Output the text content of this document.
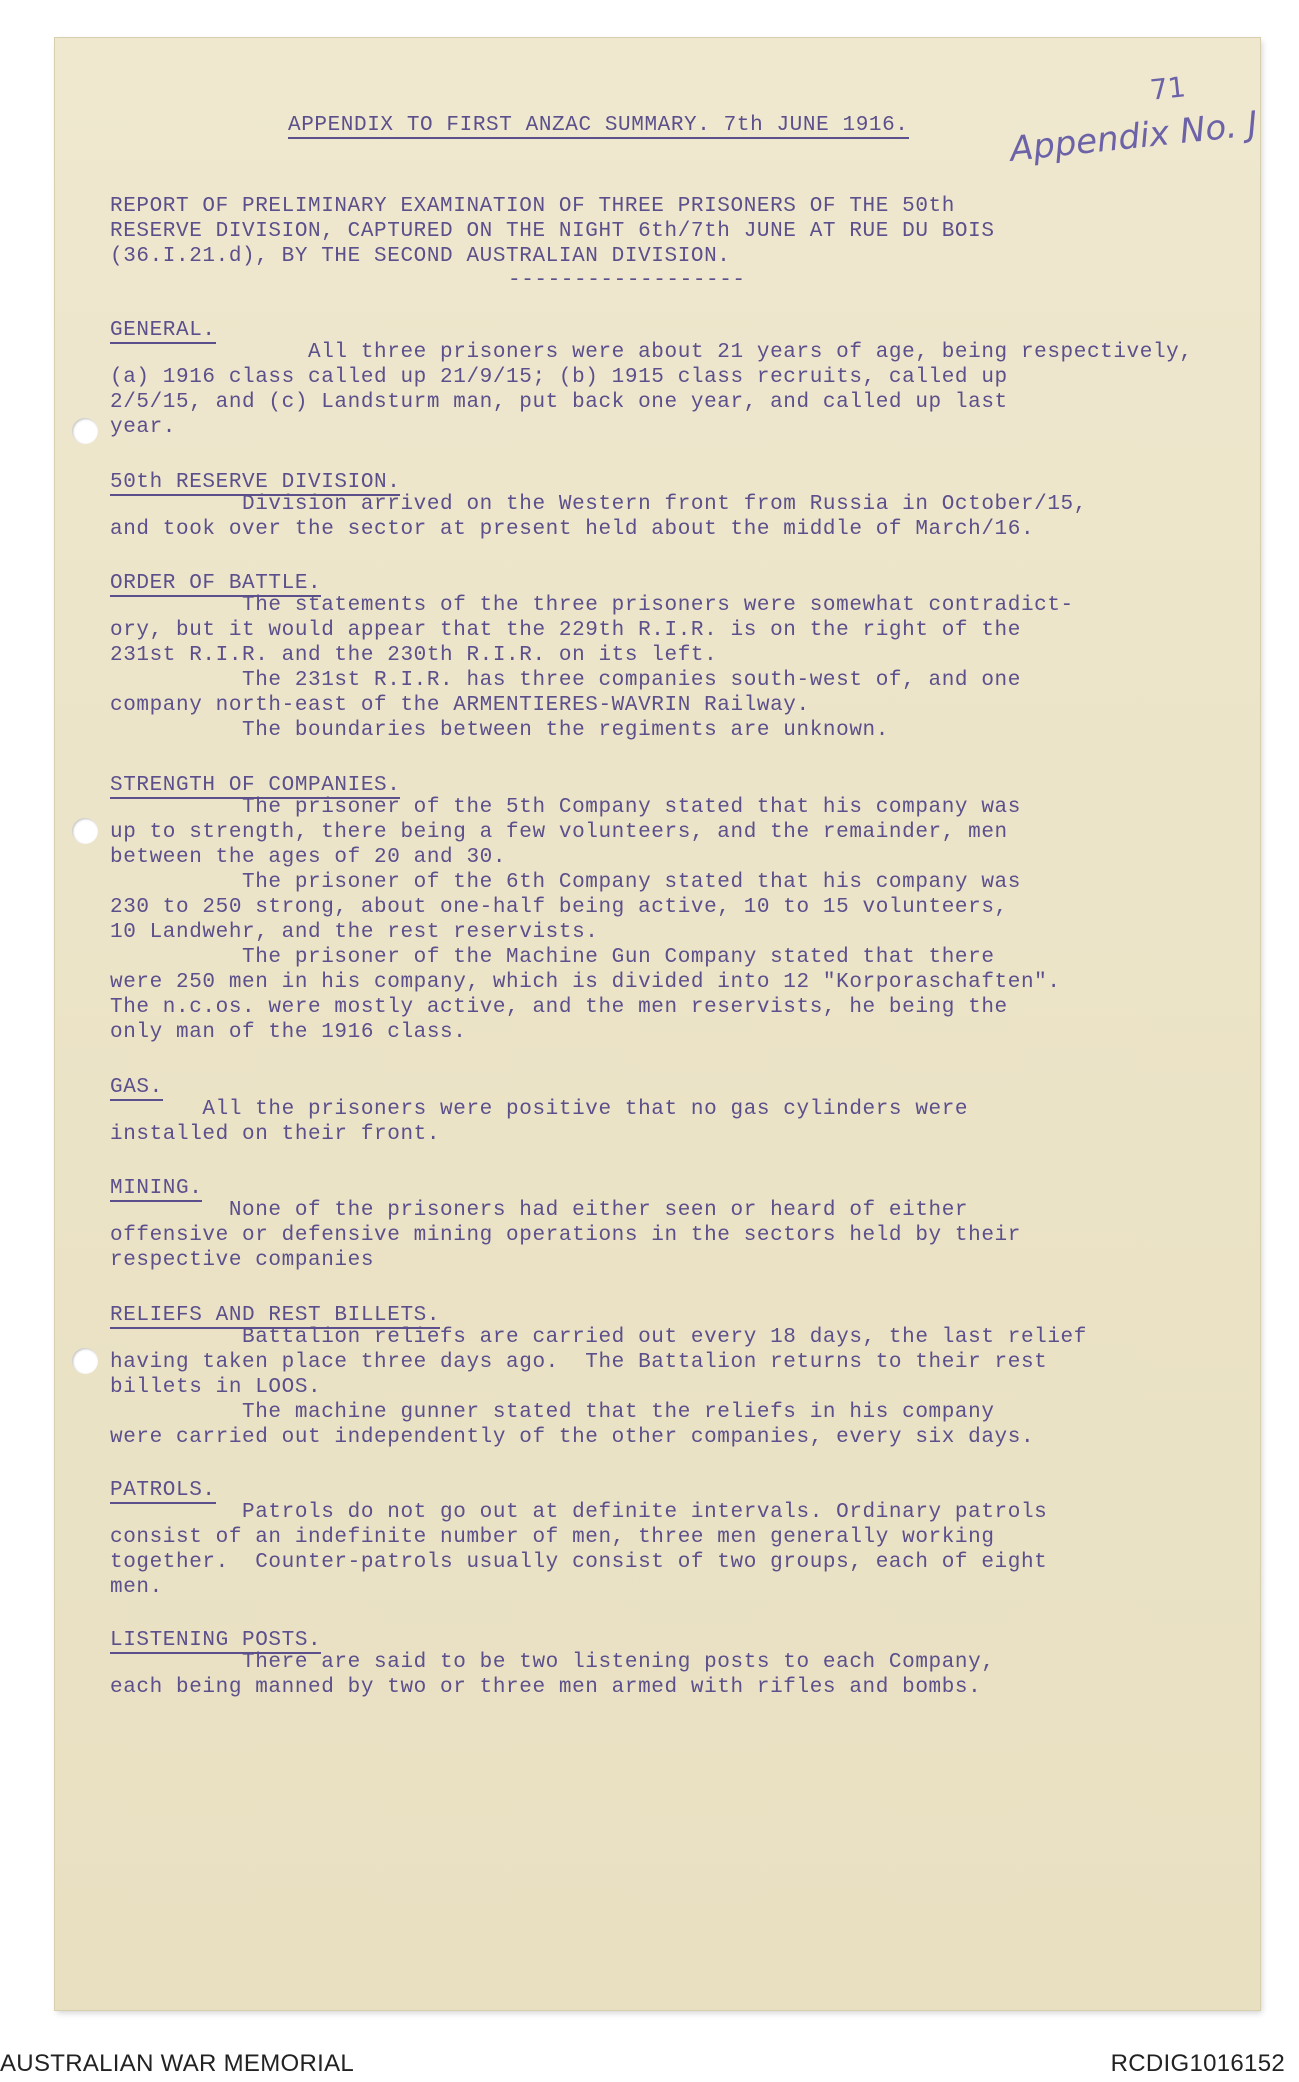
71
APPENDIX TO FIRST ANZAC SUMMARY. 7th JUNE 1916.	Appendix No. J
REPORT OF PRELIMINARY EXAMINATION OF THREE PRISONERS OF THE 50th
RESERVE DIVISION, CAPTURED ON THE NIGHT 6th/7th JUNE AT RUE DU BOIS
(36.I.21.d), BY THE SECOND AUSTRALIAN DIVISION.
------------------
GENERAL.
All three prisoners were about 21 years of age, being respectively,
(a) 1916 class called up 21/9/15; (b) 1915 class recruits, called up
2/5/15, and (c) Landsturm man, put back one year, and called up last
year.
50th RESERVE DIVISION.
Division arrived on the Western front from Russia in October/15,
and took over the sector at present held about the middle of March/16.
ORDER OF BATTLE.
The statements of the three prisoners were somewhat contradict-
ory, but it would appear that the 229th R.I.R. is on the right of the
231st R.I.R. and the 230th R.I.R. on its left.
The 231st R.I.R. has three companies south-west of, and one
company north-east of the ARMENTIERES-WAVRIN Railway.
The boundaries between the regiments are unknown.
STRENGTH OF COMPANIES.
The prisoner of the 5th Company stated that his company was
up to strength, there being a few volunteers, and the remainder, men
between the ages of 20 and 30.
The prisoner of the 6th Company stated that his company was
230 to 250 strong, about one-half being active, 10 to 15 volunteers,
10 Landwehr, and the rest reservists.
The prisoner of the Machine Gun Company stated that there
were 250 men in his company, which is divided into 12 "Korporaschaften".
The n.c.os. were mostly active, and the men reservists, he being the
only man of the 1916 class.
GAS.
All the prisoners were positive that no gas cylinders were
installed on their front.
MINING.
None of the prisoners had either seen or heard of either
offensive or defensive mining operations in the sectors held by their
respective companies
RELIEFS AND REST BILLETS.
Battalion reliefs are carried out every 18 days, the last relief
having taken place three days ago.  The Battalion returns to their rest
billets in LOOS.
The machine gunner stated that the reliefs in his company
were carried out independently of the other companies, every six days.
PATROLS.
Patrols do not go out at definite intervals. Ordinary patrols
consist of an indefinite number of men, three men generally working
together.  Counter-patrols usually consist of two groups, each of eight
men.
LISTENING POSTS.
There are said to be two listening posts to each Company,
each being manned by two or three men armed with rifles and bombs.
AUSTRALIAN WAR MEMORIAL	RCDIG1016152
